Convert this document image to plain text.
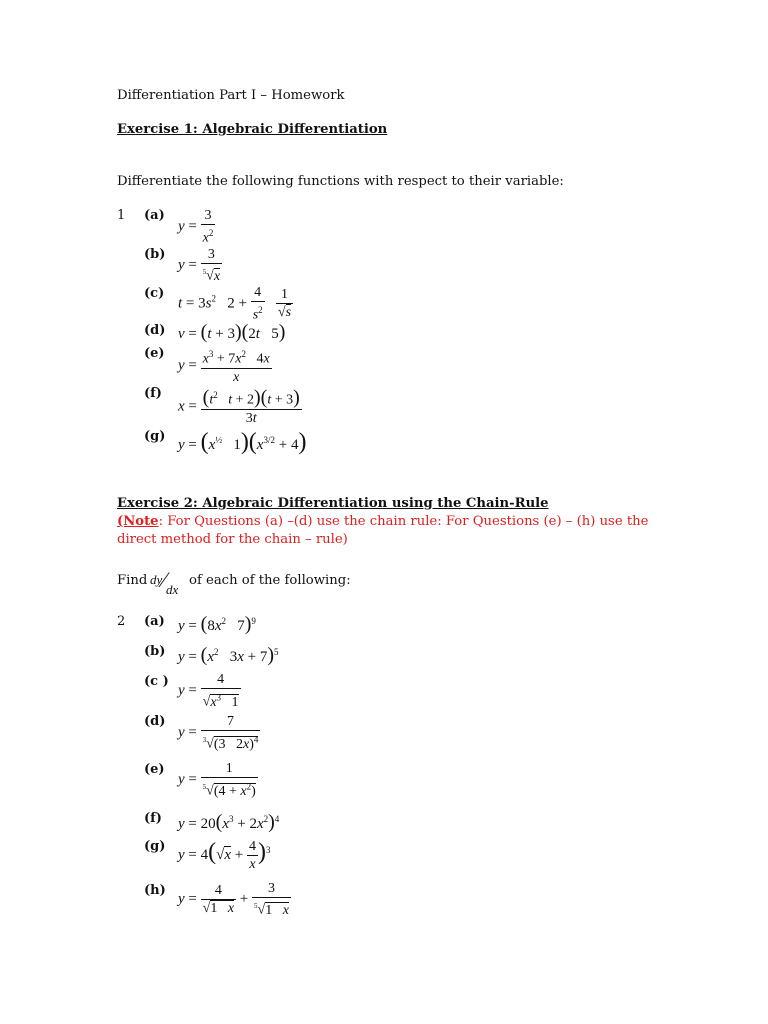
Differentiation Part I – Homework
Exercise 1: Algebraic Differentiation
Differentiate the following functions with respect to their variable:
1 (a)
(b)
(c)
(d)
(e)
(f)
(g)
$y = \frac{3}{x^2}$
$y = \frac{3}{^5√x}$
$t = 3s^2$   $2 + \frac{4}{s^2}$
$\frac{1}{√s}$
v = (t + 3)(2t   5)
$y = \frac{x^3 + 7x^2 4x}{x}$
$x = \frac{(t^2 t + 2)(t + 3)}{3t}$
$y = (x^{\frac{1}{2}}$   $1)(x^{3/2} + 4)$
Exercise 2: Algebraic Differentiation using the Chain-Rule
(Note: For Questions (a) –(d) use the chain rule: For Questions (e) – (h) use the
direct method for the chain – rule)
Find dy⁄dx
of each of the following:
2 (a)
(b)
(c )
(d)
(e)
(f)
(g)
(h)
$y = (8x^2$   7)$^9$
$y = (x^2$   3x + 7)$^5$
$y = \frac{4}{√x^3 1}$
$y = \frac{7}{^3√(3 2x)^4}$
$y = \frac{1}{^5√(4 + x^2)}$
$y = 20(x^3 + 2x^2)^4$
$y = 4(√x + \frac{4}{x} )^3$
$y = \frac{4}{√1 x} + \frac{3}{^5√1 x}$
